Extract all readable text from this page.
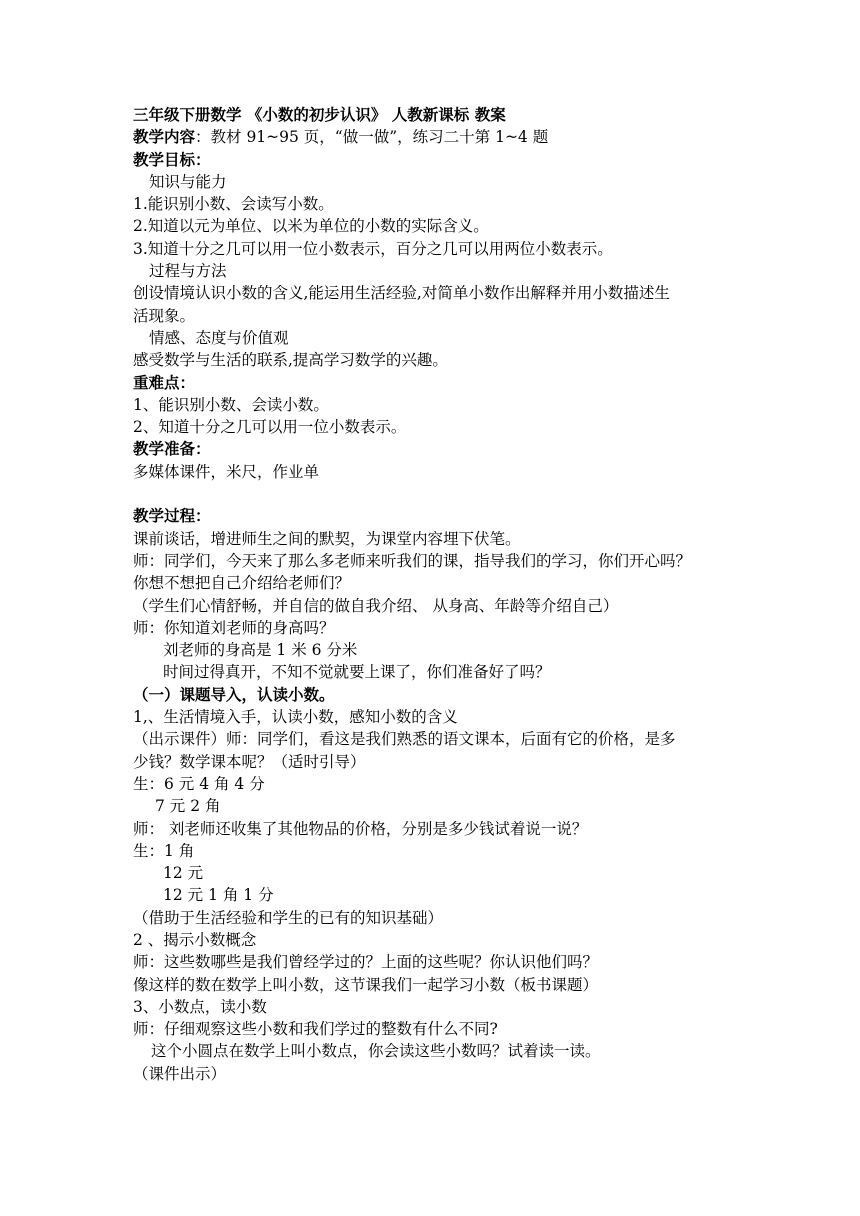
三年级下册数学 《小数的初步认识》 人教新课标 教案
教学内容：教材 91~95 页，“做一做”，练习二十第 1~4 题
教学目标：
知识与能力
1.能识别小数、会读写小数。
2.知道以元为单位、以米为单位的小数的实际含义。
3.知道十分之几可以用一位小数表示，百分之几可以用两位小数表示。
过程与方法
创设情境认识小数的含义,能运用生活经验,对简单小数作出解释并用小数描述生
活现象。
情感、态度与价值观
感受数学与生活的联系,提高学习数学的兴趣。
重难点：
1、能识别小数、会读小数。
2、知道十分之几可以用一位小数表示。
教学准备：
多媒体课件，米尺，作业单
教学过程：
课前谈话，增进师生之间的默契，为课堂内容埋下伏笔。
师：同学们，今天来了那么多老师来听我们的课，指导我们的学习，你们开心吗？
你想不想把自己介绍给老师们？
（学生们心情舒畅，并自信的做自我介绍、 从身高、年龄等介绍自己）
师：你知道刘老师的身高吗？
刘老师的身高是 1 米 6 分米
时间过得真开，不知不觉就要上课了，你们准备好了吗？
（一）课题导入，认读小数。
1,、生活情境入手，认读小数，感知小数的含义
（出示课件）师：同学们，看这是我们熟悉的语文课本，后面有它的价格，是多
少钱？数学课本呢？（适时引导）
生：6 元 4 角 4 分
7 元 2 角
师： 刘老师还收集了其他物品的价格，分别是多少钱试着说一说？
生：1 角
12 元
12 元 1 角 1 分
（借助于生活经验和学生的已有的知识基础）
2 、揭示小数概念
师：这些数哪些是我们曾经学过的？上面的这些呢？你认识他们吗？
像这样的数在数学上叫小数，这节课我们一起学习小数（板书课题）
3、小数点，读小数
师：仔细观察这些小数和我们学过的整数有什么不同?
这个小圆点在数学上叫小数点，你会读这些小数吗？试着读一读。
（课件出示）
